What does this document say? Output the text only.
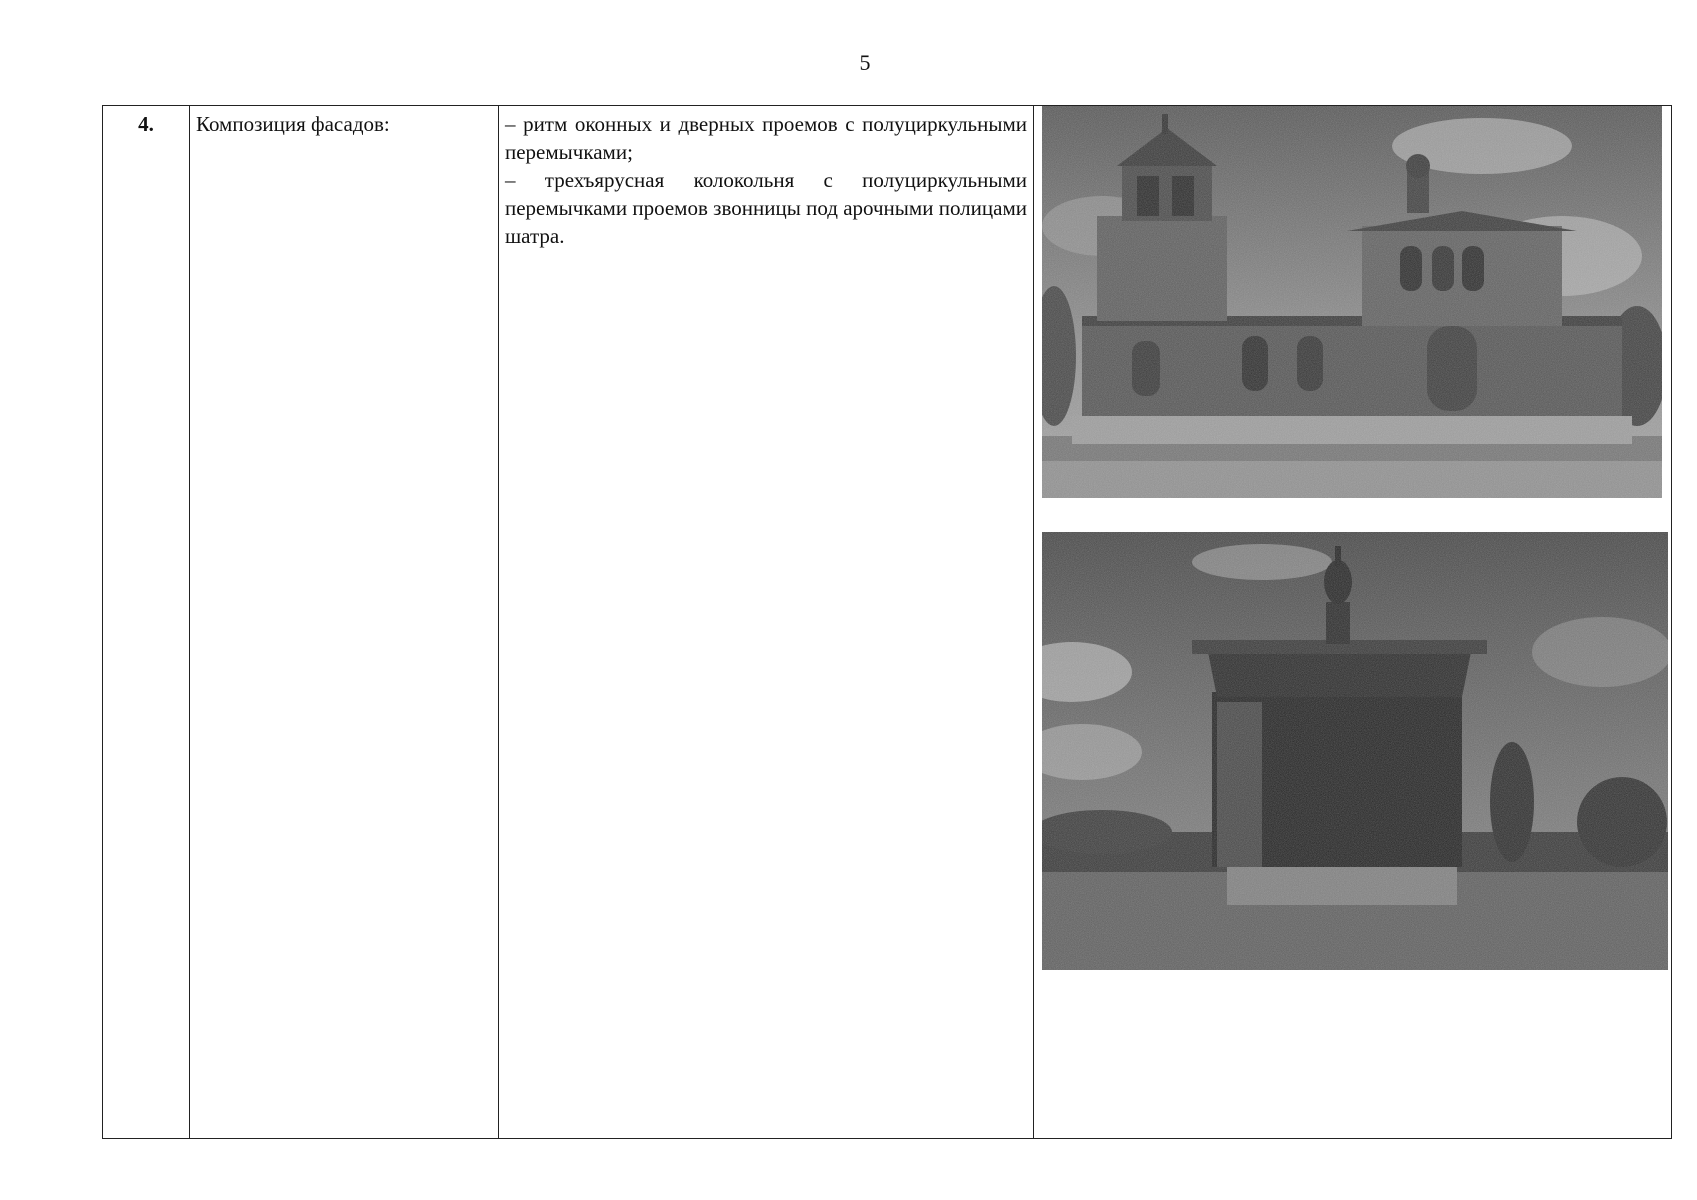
5
4.	Композиция фасадов:	– ритм оконных и дверных проемов с полуциркульными перемычками;
– трехъярусная колокольня с полуциркульными перемычками проемов звонницы под арочными полицами шатра.
